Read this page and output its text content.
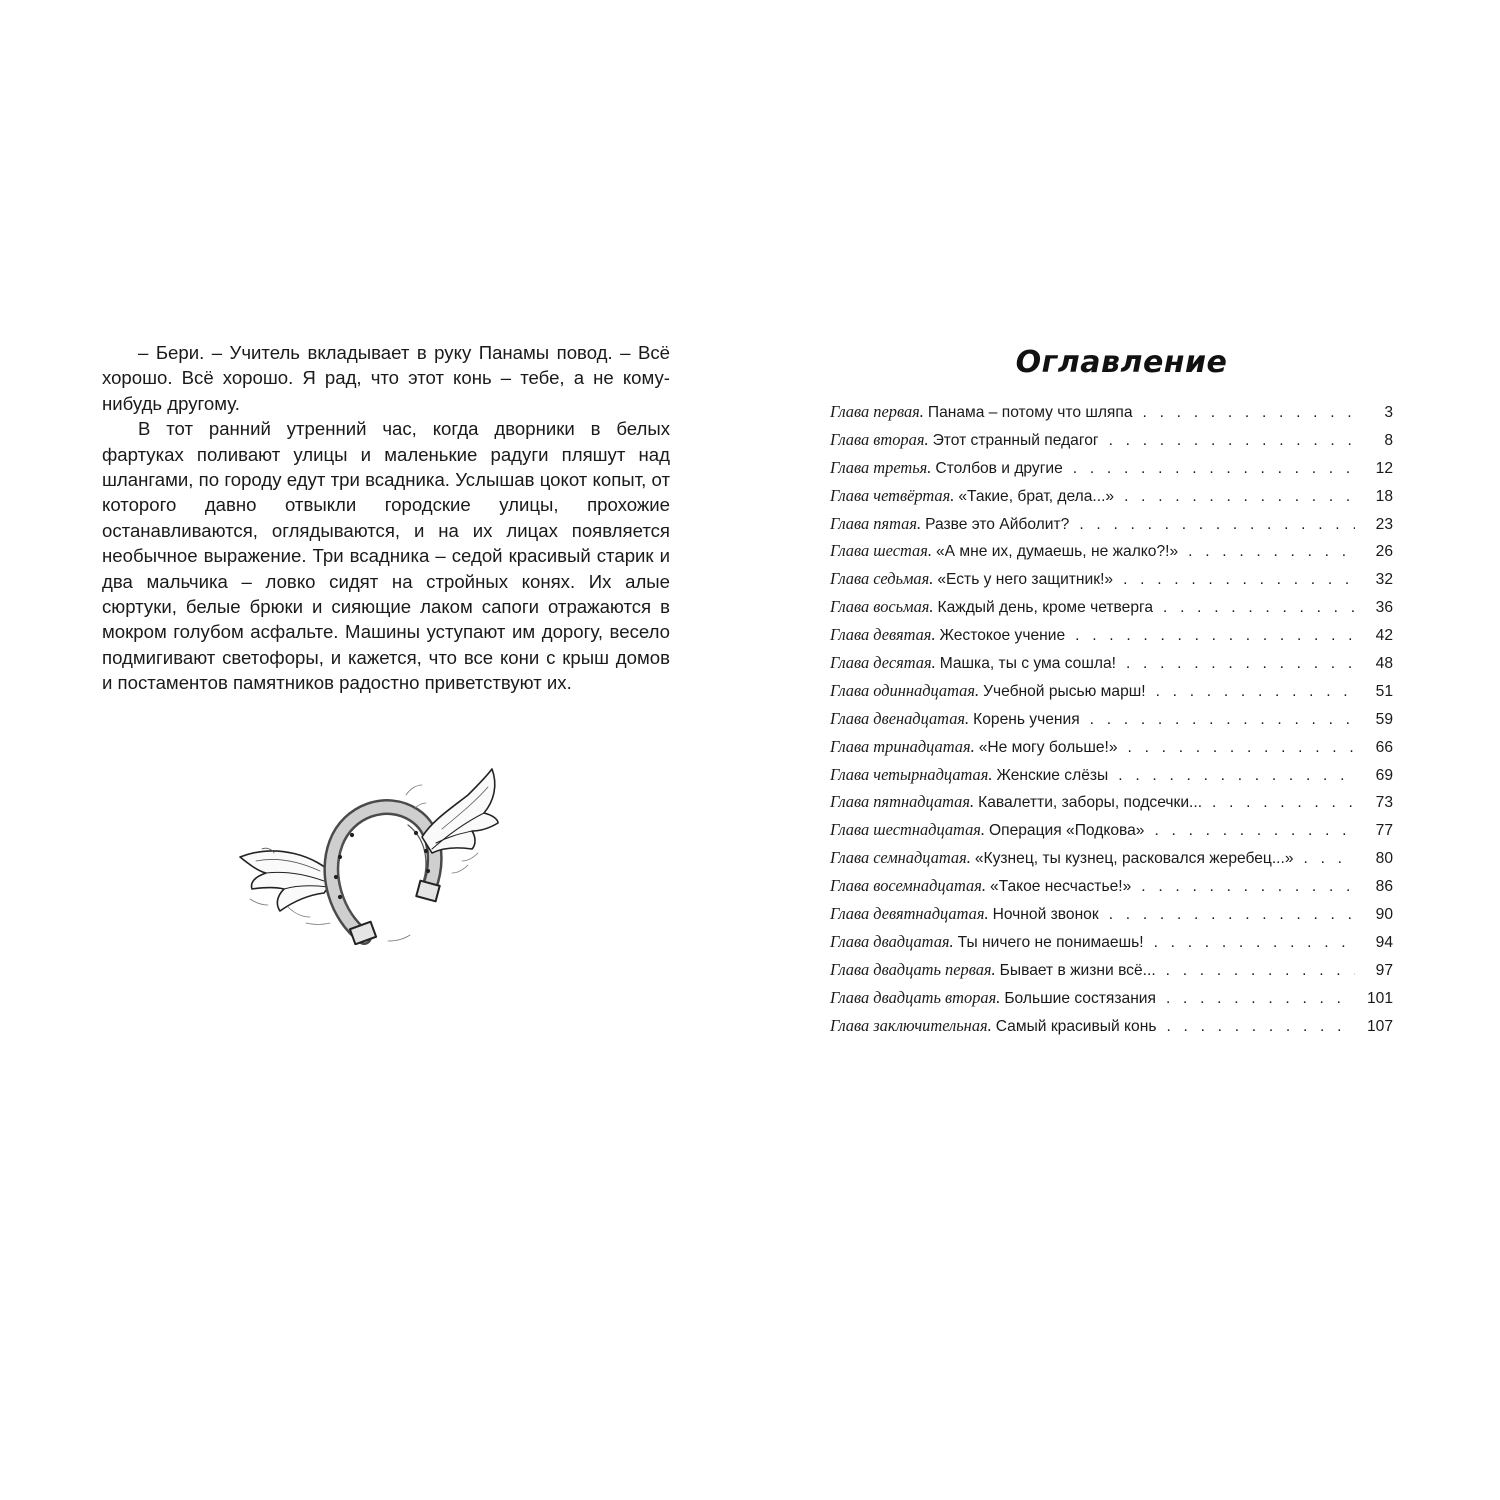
– Бери. – Учитель вкладывает в руку Панамы повод. – Всё хорошо. Всё хорошо. Я рад, что этот конь – тебе, а не кому-нибудь другому.

В тот ранний утренний час, когда дворники в белых фартуках поливают улицы и маленькие радуги пляшут над шлангами, по городу едут три всадника. Услышав цокот копыт, от которого давно отвыкли городские улицы, прохожие останавливаются, оглядываются, и на их лицах появляется необычное выражение. Три всадника – седой красивый старик и два мальчика – ловко сидят на стройных конях. Их алые сюртуки, белые брюки и сияющие лаком сапоги отражаются в мокром голубом асфальте. Машины уступают им дорогу, весело подмигивают светофоры, и кажется, что все кони с крыш домов и постаментов памятников радостно приветствуют их.

Оглавление
Глава первая . Панама – потому что шляпа . . .	3
Глава вторая . Этот странный педагог . . .	8
Глава третья . Столбов и другие . . .	12
Глава четвёртая . «Такие, брат, дела...» . . .	18
Глава пятая . Разве это Айболит? . . .	23
Глава шестая . «А мне их, думаешь, не жалко?!» . . .	26
Глава седьмая . «Есть у него защитник!» . . .	32
Глава восьмая . Каждый день, кроме четверга . . .	36
Глава девятая . Жестокое учение . . .	42
Глава десятая . Машка, ты с ума сошла! . . .	48
Глава одиннадцатая . Учебной рысью марш! . . .	51
Глава двенадцатая . Корень учения . . .	59
Глава тринадцатая . «Не могу больше!» . . .	66
Глава четырнадцатая . Женские слёзы . . .	69
Глава пятнадцатая . Кавалетти, заборы, подсечки... . . .	73
Глава шестнадцатая . Операция «Подкова» . . .	77
Глава семнадцатая . «Кузнец, ты кузнец, расковался жеребец...» . . .	80
Глава восемнадцатая . «Такое несчастье!» . . .	86
Глава девятнадцатая . Ночной звонок . . .	90
Глава двадцатая . Ты ничего не понимаешь! . . .	94
Глава двадцать первая . Бывает в жизни всё... . . .	97
Глава двадцать вторая . Большие состязания . . .	101
Глава заключительная . Самый красивый конь . . .	107
